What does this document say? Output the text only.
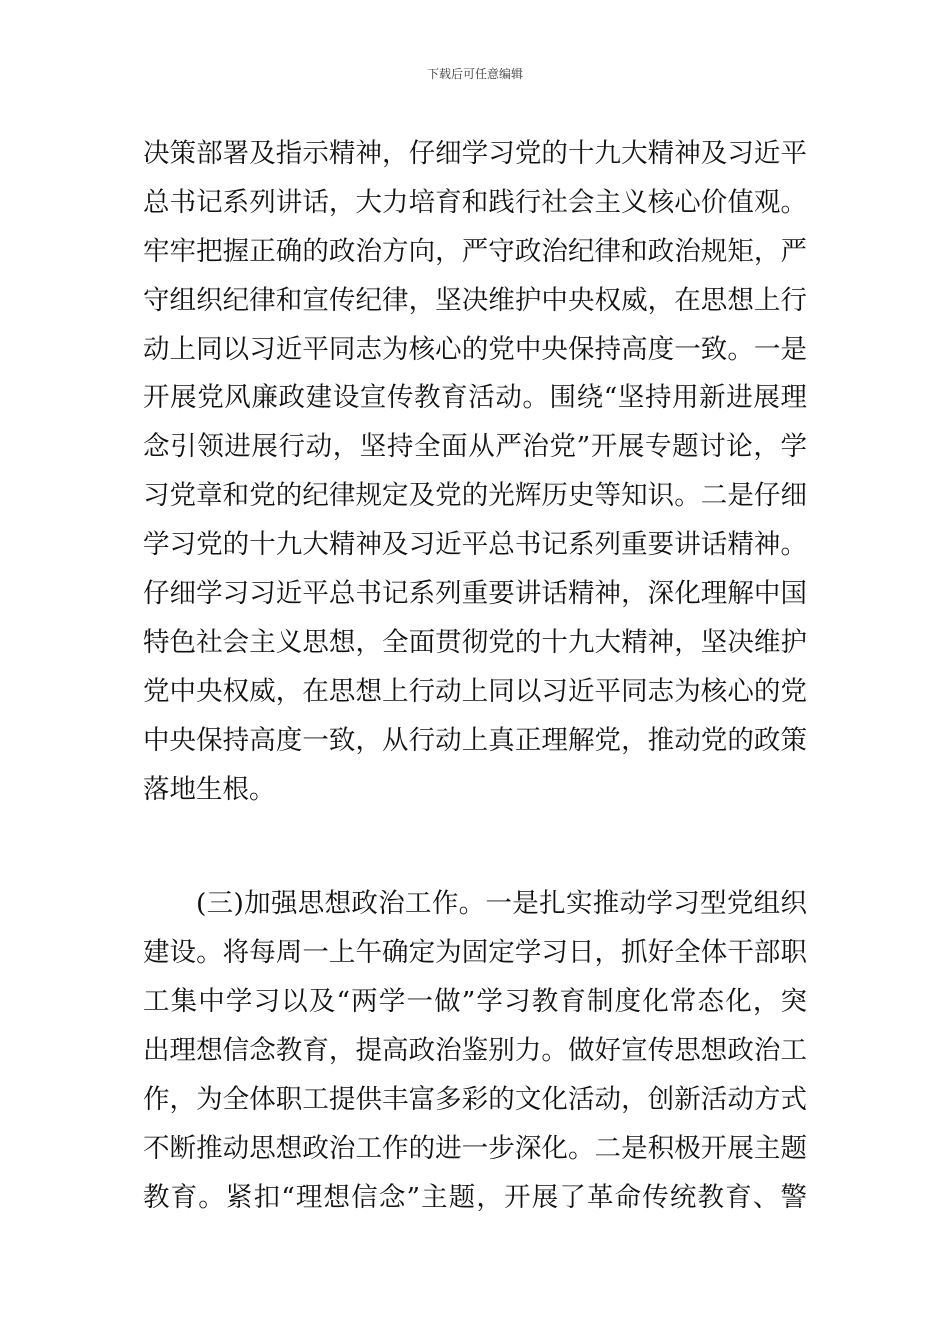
下载后可任意编辑
决策部署及指示精神，仔细学习党的十九大精神及习近平
总书记系列讲话，大力培育和践行社会主义核心价值观。
牢牢把握正确的政治方向，严守政治纪律和政治规矩，严
守组织纪律和宣传纪律，坚决维护中央权威，在思想上行
动上同以习近平同志为核心的党中央保持高度一致。一是
开展党风廉政建设宣传教育活动。围绕“坚持用新进展理
念引领进展行动，坚持全面从严治党”开展专题讨论，学
习党章和党的纪律规定及党的光辉历史等知识。二是仔细
学习党的十九大精神及习近平总书记系列重要讲话精神。
仔细学习习近平总书记系列重要讲话精神，深化理解中国
特色社会主义思想，全面贯彻党的十九大精神，坚决维护
党中央权威，在思想上行动上同以习近平同志为核心的党
中央保持高度一致，从行动上真正理解党，推动党的政策
落地生根。
(三)加强思想政治工作。一是扎实推动学习型党组织
建设。将每周一上午确定为固定学习日，抓好全体干部职
工集中学习以及“两学一做”学习教育制度化常态化，突
出理想信念教育，提高政治鉴别力。做好宣传思想政治工
作，为全体职工提供丰富多彩的文化活动，创新活动方式
不断推动思想政治工作的进一步深化。二是积极开展主题
教育。紧扣“理想信念”主题，开展了革命传统教育、警
